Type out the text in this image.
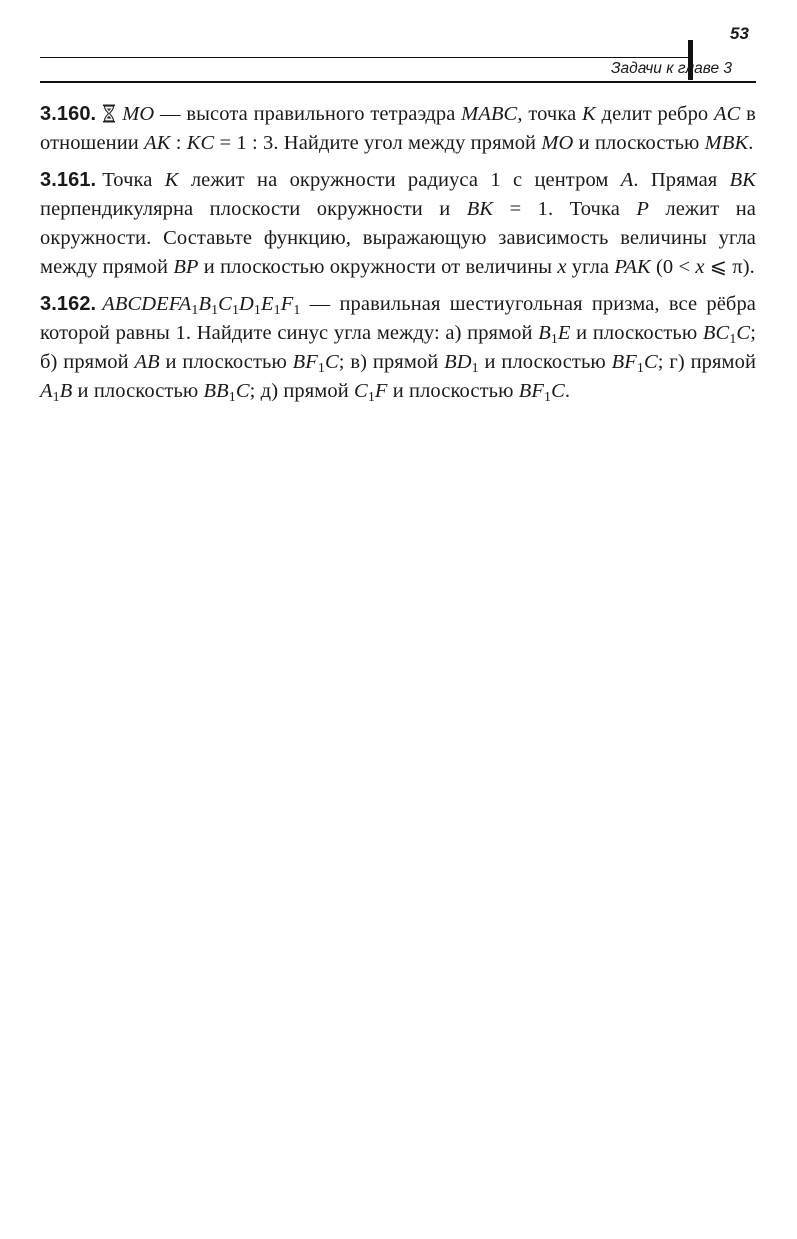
53
Задачи к главе 3

3.160. MO — высота правильного тетраэдра MABC, точка K делит ребро AC в отношении AK : KC = 1 : 3. Найдите угол между прямой MO и плоскостью MBK.

3.161. Точка K лежит на окружности радиуса 1 с центром A. Прямая BK перпендикулярна плоскости окружности и BK = 1. Точка P лежит на окружности. Составьте функцию, выражающую зависимость величины угла между прямой BP и плоскостью окружности от величины x угла PAK (0 < x ⩽ π).

3.162. $ABCDEFA_1B_1C_1D_1E_1F_1$ — правильная шестиугольная призма, все рёбра которой равны 1. Найдите синус угла между: а) прямой $B_1E$ и плоскостью $BC_1C$; б) прямой AB и плоскостью $BF_1C$; в) прямой $BD_1$ и плоскостью $BF_1C$; г) прямой $A_1B$ и плоскостью $BB_1C$; д) прямой $C_1F$ и плоскостью $BF_1C$.
